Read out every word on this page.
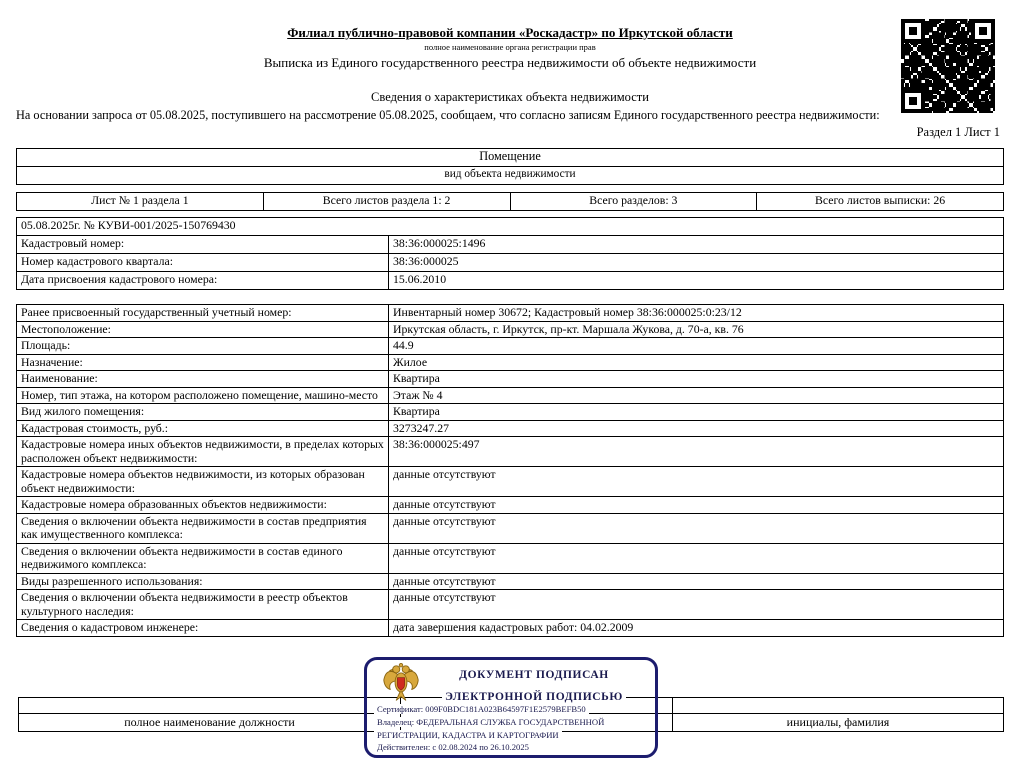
Филиал публично-правовой компании «Роскадастр» по Иркутской области
полное наименование органа регистрации прав
Выписка из Единого государственного реестра недвижимости об объекте недвижимости
Сведения о характеристиках объекта недвижимости
На основании запроса от 05.08.2025, поступившего на рассмотрение 05.08.2025, сообщаем, что согласно записям Единого государственного реестра недвижимости:
Раздел 1 Лист 1
Помещение
вид объекта недвижимости
Лист № 1 раздела 1	Всего листов раздела 1: 2	Всего разделов: 3	Всего листов выписки: 26
05.08.2025г. № КУВИ-001/2025-150769430	
Кадастровый номер:	38:36:000025:1496
Номер кадастрового квартала:	38:36:000025
Дата присвоения кадастрового номера:	15.06.2010
Ранее присвоенный государственный учетный номер:	Инвентарный номер 30672; Кадастровый номер 38:36:000025:0:23/12
Местоположение:	Иркутская область, г. Иркутск, пр-кт. Маршала Жукова, д. 70-а, кв. 76
Площадь:	44.9
Назначение:	Жилое
Наименование:	Квартира
Номер, тип этажа, на котором расположено помещение, машино-место	Этаж № 4
Вид жилого помещения:	Квартира
Кадастровая стоимость, руб.:	3273247.27
Кадастровые номера иных объектов недвижимости, в пределах которых расположен объект недвижимости:	38:36:000025:497
Кадастровые номера объектов недвижимости, из которых образован объект недвижимости:	данные отсутствуют
Кадастровые номера образованных объектов недвижимости:	данные отсутствуют
Сведения о включении объекта недвижимости в состав предприятия как имущественного комплекса:	данные отсутствуют
Сведения о включении объекта недвижимости в состав единого недвижимого комплекса:	данные отсутствуют
Виды разрешенного использования:	данные отсутствуют
Сведения о включении объекта недвижимости в реестр объектов культурного наследия:	данные отсутствуют
Сведения о кадастровом инженере:	дата завершения кадастровых работ: 04.02.2009

полное наименование должности		инициалы, фамилия
ДОКУМЕНТ ПОДПИСАН
ЭЛЕКТРОННОЙ ПОДПИСЬЮ
Сертификат: 009F0BDC181A023B64597F1E2579BEFB50
Владелец: ФЕДЕРАЛЬНАЯ СЛУЖБА ГОСУДАРСТВЕННОЙ
РЕГИСТРАЦИИ, КАДАСТРА И КАРТОГРАФИИ
Действителен: с 02.08.2024 по 26.10.2025
